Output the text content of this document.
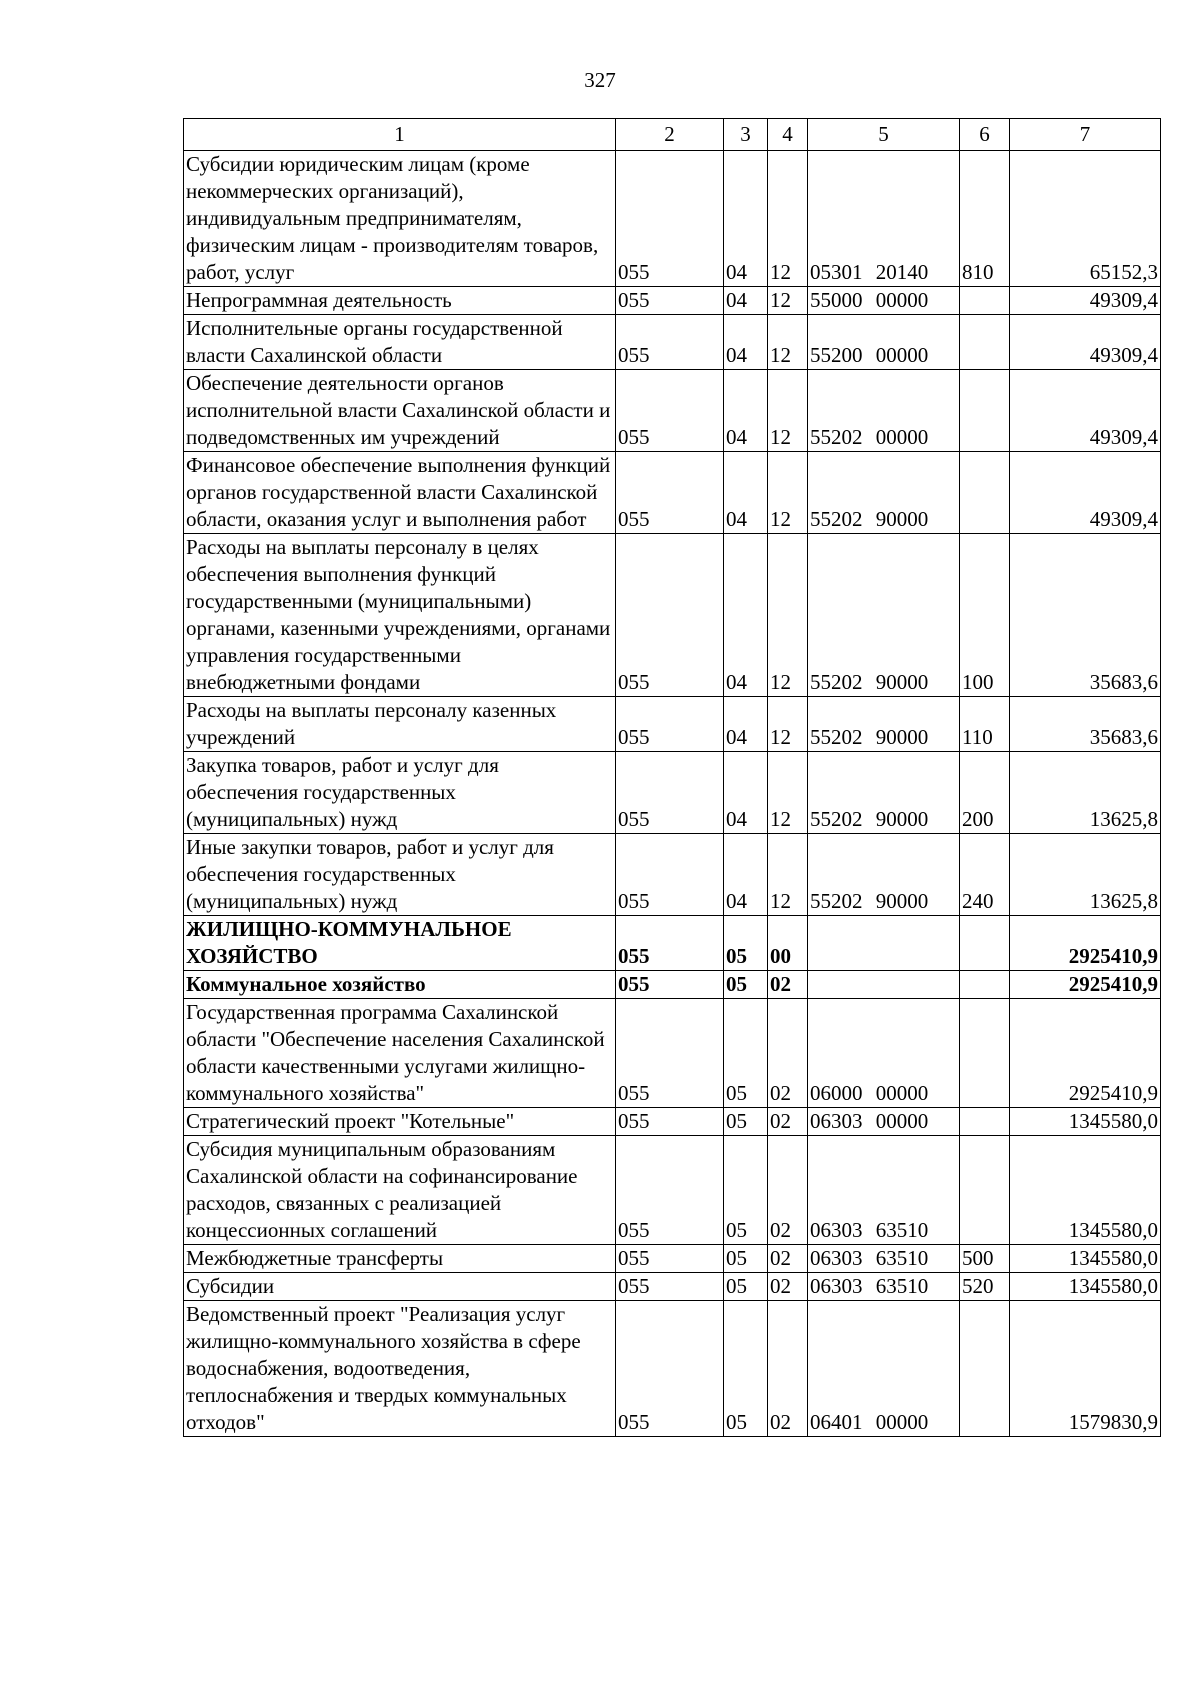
327
1	2	3	4	5	6	7
Субсидии юридическим лицам (кроме некоммерческих организаций), индивидуальным предпринимателям, физическим лицам - производителям товаров, работ, услуг	055	04	12	05301 20140	810	65152,3
Непрограммная деятельность	055	04	12	55000 00000		49309,4
Исполнительные органы государственной власти Сахалинской области	055	04	12	55200 00000		49309,4
Обеспечение деятельности органов исполнительной власти Сахалинской области и подведомственных им учреждений	055	04	12	55202 00000		49309,4
Финансовое обеспечение выполнения функций органов государственной власти Сахалинской области, оказания услуг и выполнения работ	055	04	12	55202 90000		49309,4
Расходы на выплаты персоналу в целях обеспечения выполнения функций государственными (муниципальными) органами, казенными учреждениями, органами управления государственными внебюджетными фондами	055	04	12	55202 90000	100	35683,6
Расходы на выплаты персоналу казенных учреждений	055	04	12	55202 90000	110	35683,6
Закупка товаров, работ и услуг для обеспечения государственных (муниципальных) нужд	055	04	12	55202 90000	200	13625,8
Иные закупки товаров, работ и услуг для обеспечения государственных (муниципальных) нужд	055	04	12	55202 90000	240	13625,8
ЖИЛИЩНО-КОММУНАЛЬНОЕ ХОЗЯЙСТВО	055	05	00			2925410,9
Коммунальное хозяйство	055	05	02			2925410,9
Государственная программа Сахалинской области "Обеспечение населения Сахалинской области качественными услугами жилищно-коммунального хозяйства"	055	05	02	06000 00000		2925410,9
Стратегический проект "Котельные"	055	05	02	06303 00000		1345580,0
Субсидия муниципальным образованиям Сахалинской области на софинансирование расходов, связанных с реализацией концессионных соглашений	055	05	02	06303 63510		1345580,0
Межбюджетные трансферты	055	05	02	06303 63510	500	1345580,0
Субсидии	055	05	02	06303 63510	520	1345580,0
Ведомственный проект "Реализация услуг жилищно-коммунального хозяйства в сфере водоснабжения, водоотведения, теплоснабжения и твердых коммунальных отходов"	055	05	02	06401 00000		1579830,9
